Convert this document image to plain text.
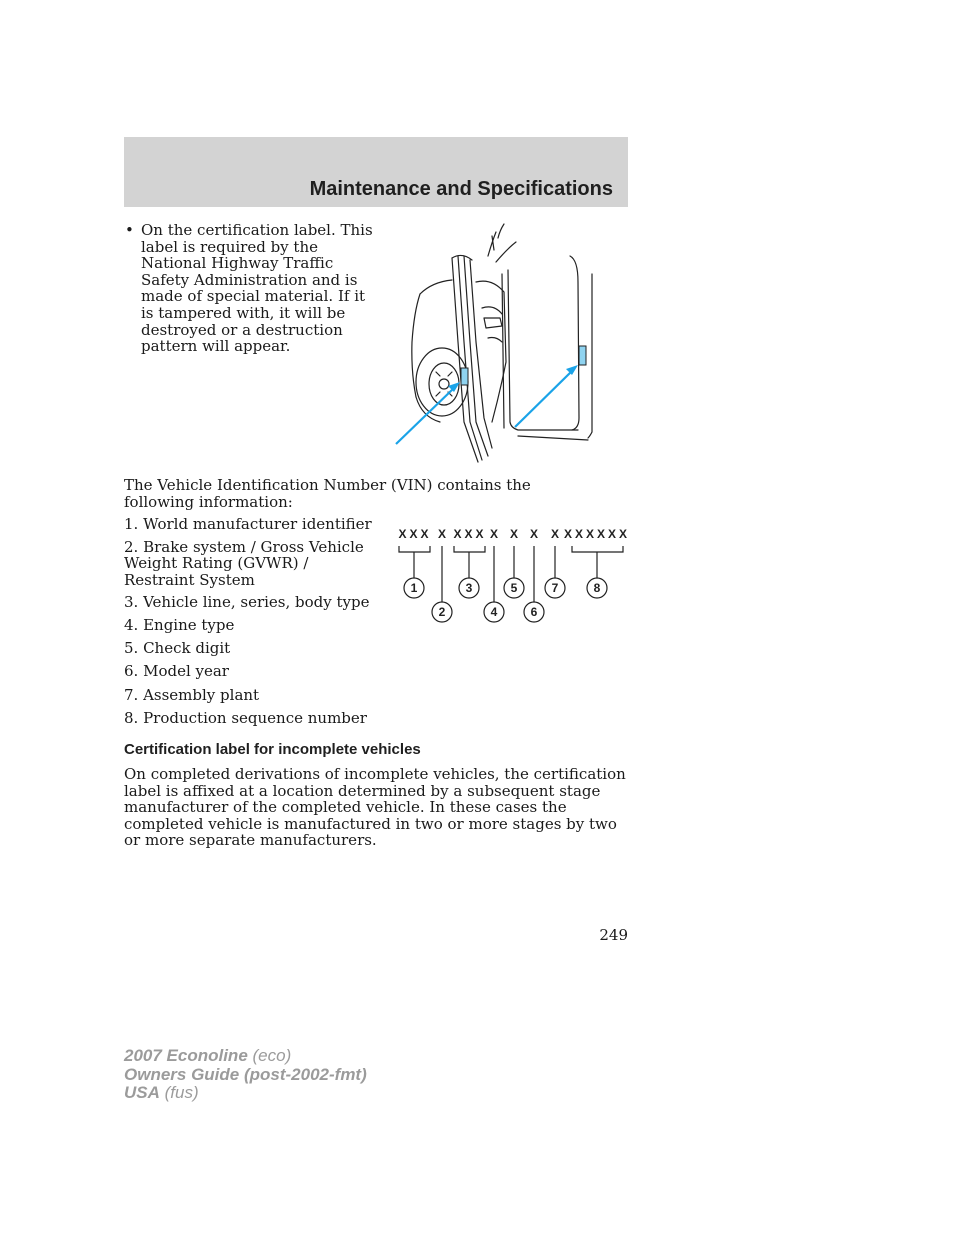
Maintenance and Specifications
• On the certification label. This label is required by the National Highway Traffic Safety Administration and is made of special material. If it is tampered with, it will be destroyed or a destruction pattern will appear.
The Vehicle Identification Number (VIN) contains the following information:
1. World manufacturer identifier
2. Brake system / Gross Vehicle Weight Rating (GVWR) / Restraint System
3. Vehicle line, series, body type
4. Engine type
5. Check digit
6. Model year
7. Assembly plant
8. Production sequence number
XXX X XXX X X X X XXXXXX
1
2
3
4
5
6
7	8
Certification label for incomplete vehicles
On completed derivations of incomplete vehicles, the certification label is affixed at a location determined by a subsequent stage manufacturer of the completed vehicle. In these cases the completed vehicle is manufactured in two or more stages by two or more separate manufacturers.
249
2007 Econoline (eco)
Owners Guide (post-2002-fmt)
USA (fus)
